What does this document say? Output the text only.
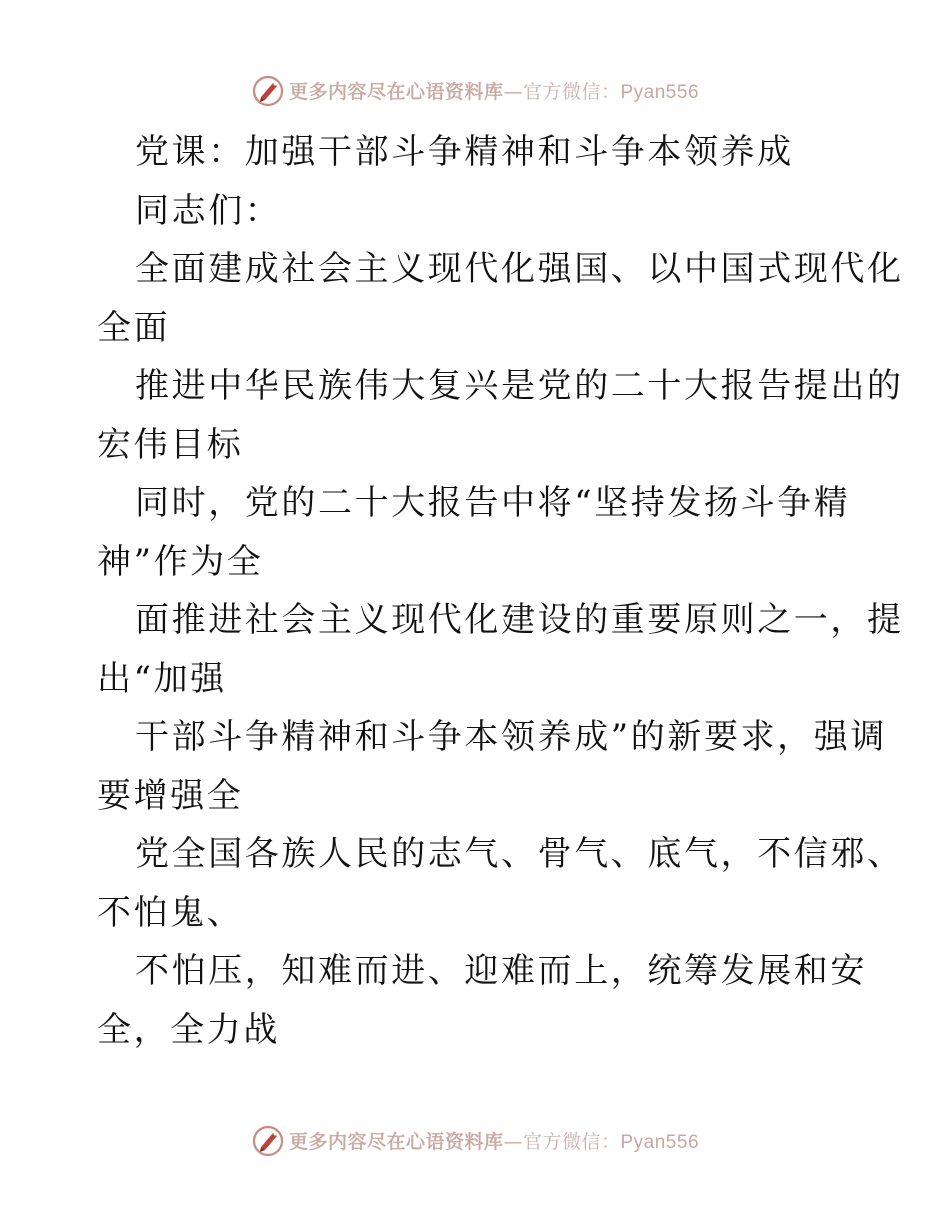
更多内容尽在心语资料库—官方微信：Pyan556
党课：加强干部斗争精神和斗争本领养成
同志们：
全面建成社会主义现代化强国、以中国式现代化
全面
推进中华民族伟大复兴是党的二十大报告提出的
宏伟目标
同时，党的二十大报告中将“坚持发扬斗争精
神”作为全
面推进社会主义现代化建设的重要原则之一，提
出“加强
干部斗争精神和斗争本领养成”的新要求，强调
要增强全
党全国各族人民的志气、骨气、底气，不信邪、
不怕鬼、
不怕压，知难而进、迎难而上，统筹发展和安
全，全力战
更多内容尽在心语资料库—官方微信：Pyan556
